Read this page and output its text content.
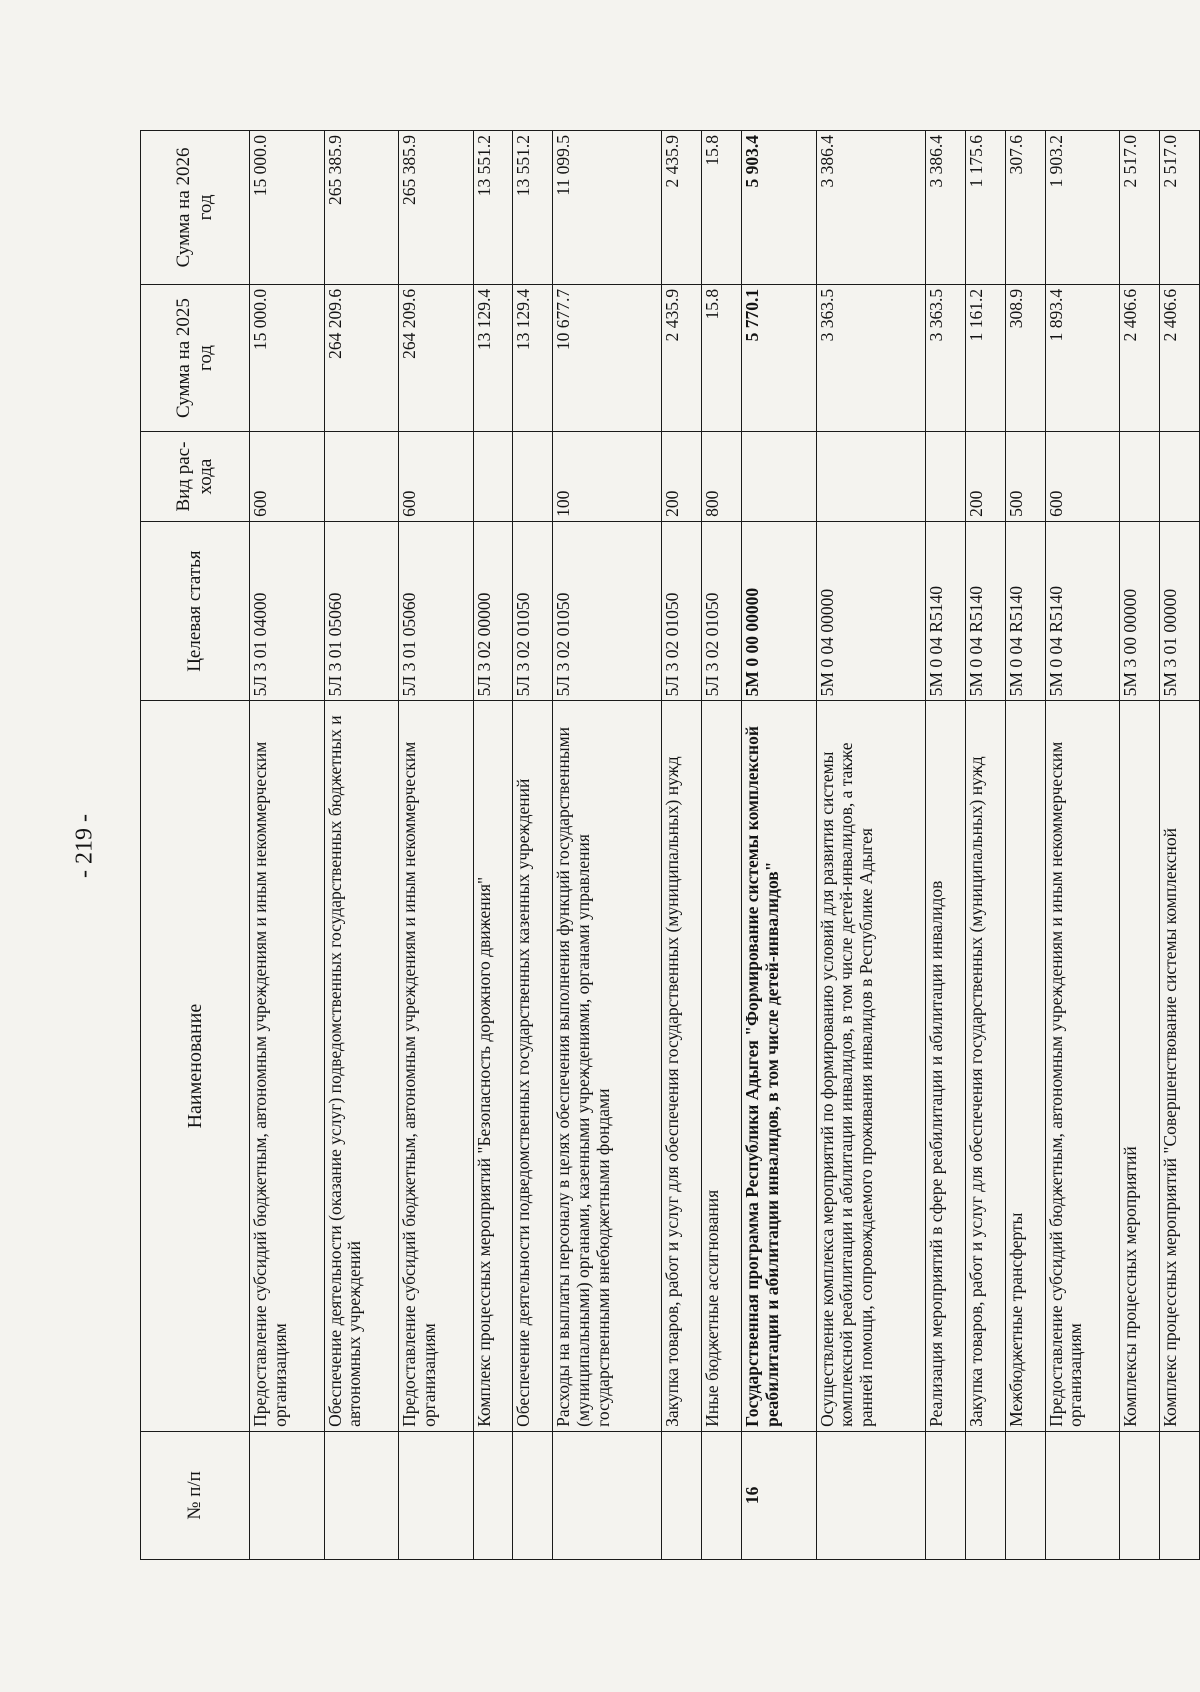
- 219 -
№ п/п	Наименование	Целевая статья	Вид рас-хода	Сумма на 2025 год	Сумма на 2026 год
	Предоставление субсидий бюджетным, автономным учреждениям и иным некоммерческим организациям	5Л 3 01 04000	600	15 000.0	15 000.0
	Обеспечение деятельности (оказание услуг) подведомственных государственных бюджетных и автономных учреждений	5Л 3 01 05060		264 209.6	265 385.9
	Предоставление субсидий бюджетным, автономным учреждениям и иным некоммерческим организациям	5Л 3 01 05060	600	264 209.6	265 385.9
	Комплекс процессных мероприятий "Безопасность дорожного движения"	5Л 3 02 00000		13 129.4	13 551.2
	Обеспечение деятельности подведомственных государственных казенных учреждений	5Л 3 02 01050		13 129.4	13 551.2
	Расходы на выплаты персоналу в целях обеспечения выполнения функций государственными (муниципальными) органами, казенными учреждениями, органами управления государственными внебюджетными фондами	5Л 3 02 01050	100	10 677.7	11 099.5
	Закупка товаров, работ и услуг для обеспечения государственных (муниципальных) нужд	5Л 3 02 01050	200	2 435.9	2 435.9
	Иные бюджетные ассигнования	5Л 3 02 01050	800	15.8	15.8
16	Государственная программа Республики Адыгея "Формирование системы комплексной реабилитации и абилитации инвалидов, в том числе детей-инвалидов"	5М 0 00 00000		5 770.1	5 903.4
	Осуществление комплекса мероприятий по формированию условий для развития системы комплексной реабилитации и абилитации инвалидов, в том числе детей-инвалидов, а также ранней помощи, сопровождаемого проживания инвалидов в Республике Адыгея	5М 0 04 00000		3 363.5	3 386.4
	Реализация мероприятий в сфере реабилитации и абилитации инвалидов	5М 0 04 R5140		3 363.5	3 386.4
	Закупка товаров, работ и услуг для обеспечения государственных (муниципальных) нужд	5М 0 04 R5140	200	1 161.2	1 175.6
	Межбюджетные трансферты	5М 0 04 R5140	500	308.9	307.6
	Предоставление субсидий бюджетным, автономным учреждениям и иным некоммерческим организациям	5М 0 04 R5140	600	1 893.4	1 903.2
	Комплексы процессных мероприятий	5М 3 00 00000		2 406.6	2 517.0
	Комплекс процессных мероприятий "Совершенствование системы комплексной	5М 3 01 00000		2 406.6	2 517.0
